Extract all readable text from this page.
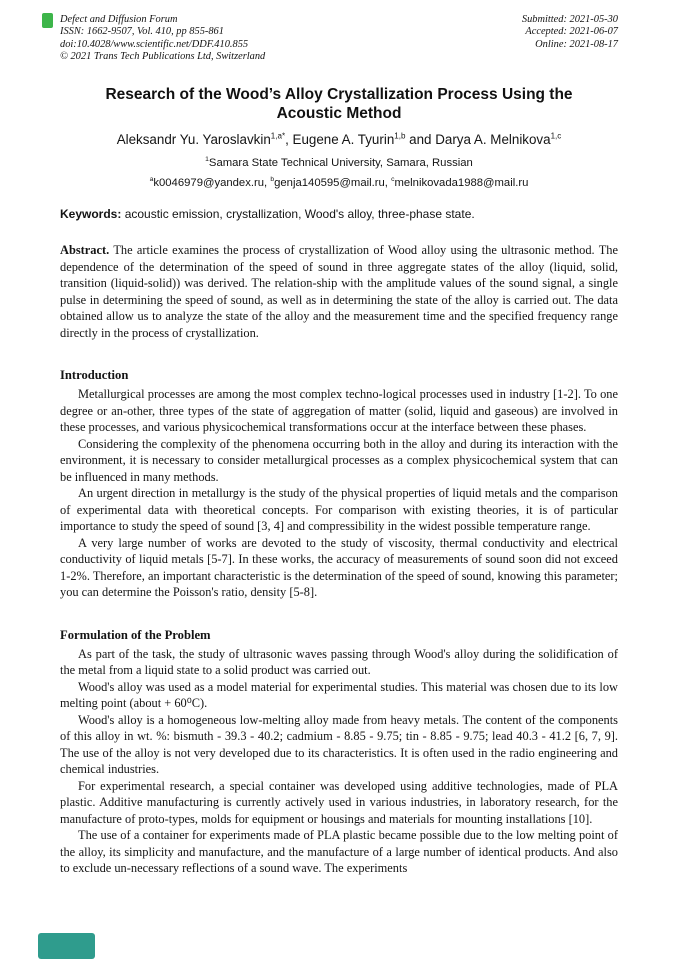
Defect and Diffusion Forum
ISSN: 1662-9507, Vol. 410, pp 855-861
doi:10.4028/www.scientific.net/DDF.410.855
© 2021 Trans Tech Publications Ltd, Switzerland
Submitted: 2021-05-30
Accepted: 2021-06-07
Online: 2021-08-17
Research of the Wood’s Alloy Crystallization Process Using the Acoustic Method
Aleksandr Yu. Yaroslavkin$^{1,a*}$, Eugene A. Tyurin$^{1,b}$ and Darya A. Melnikova$^{1,c}$
$^1$Samara State Technical University, Samara, Russian
$^a$k0046979@yandex.ru, $^b$genja140595@mail.ru, $^c$melnikovada1988@mail.ru
Keywords: acoustic emission, crystallization, Wood's alloy, three-phase state.
Abstract. The article examines the process of crystallization of Wood alloy using the ultrasonic method. The dependence of the determination of the speed of sound in three aggregate states of the alloy (liquid, solid, transition (liquid-solid)) was derived. The relation-ship with the amplitude values of the sound signal, a single pulse in determining the speed of sound, as well as in determining the state of the alloy is carried out. The data obtained allow us to analyze the state of the alloy and the measurement time and the specified frequency range directly in the process of crystallization.
Introduction
Metallurgical processes are among the most complex techno-logical processes used in industry [1-2]. To one degree or an-other, three types of the state of aggregation of matter (solid, liquid and gaseous) are involved in these processes, and various physicochemical transformations occur at the interface between these phases.
Considering the complexity of the phenomena occurring both in the alloy and during its interaction with the environment, it is necessary to consider metallurgical processes as a complex physicochemical system that can be influenced in many methods.
An urgent direction in metallurgy is the study of the physical properties of liquid metals and the comparison of experimental data with theoretical concepts. For comparison with existing theories, it is of particular importance to study the speed of sound [3, 4] and compressibility in the widest possible temperature range.
A very large number of works are devoted to the study of viscosity, thermal conductivity and electrical conductivity of liquid metals [5-7]. In these works, the accuracy of measurements of sound soon did not exceed 1-2%. Therefore, an important characteristic is the determination of the speed of sound, knowing this parameter; you can determine the Poisson's ratio, density [5-8].
Formulation of the Problem
As part of the task, the study of ultrasonic waves passing through Wood's alloy during the solidification of the metal from a liquid state to a solid product was carried out.
Wood's alloy was used as a model material for experimental studies. This material was chosen due to its low melting point (about + 60⁰C).
Wood's alloy is a homogeneous low-melting alloy made from heavy metals. The content of the components of this alloy in wt. %: bismuth - 39.3 - 40.2; cadmium - 8.85 - 9.75; tin - 8.85 - 9.75; lead 40.3 - 41.2 [6, 7, 9]. The use of the alloy is not very developed due to its characteristics. It is often used in the radio engineering and chemical industries.
For experimental research, a special container was developed using additive technologies, made of PLA plastic. Additive manufacturing is currently actively used in various industries, in laboratory research, for the manufacture of proto-types, molds for equipment or housings and materials for mounting installations [10].
The use of a container for experiments made of PLA plastic became possible due to the low melting point of the alloy, its simplicity and manufacture, and the manufacture of a large number of identical products. And also to exclude un-necessary reflections of a sound wave. The experiments
